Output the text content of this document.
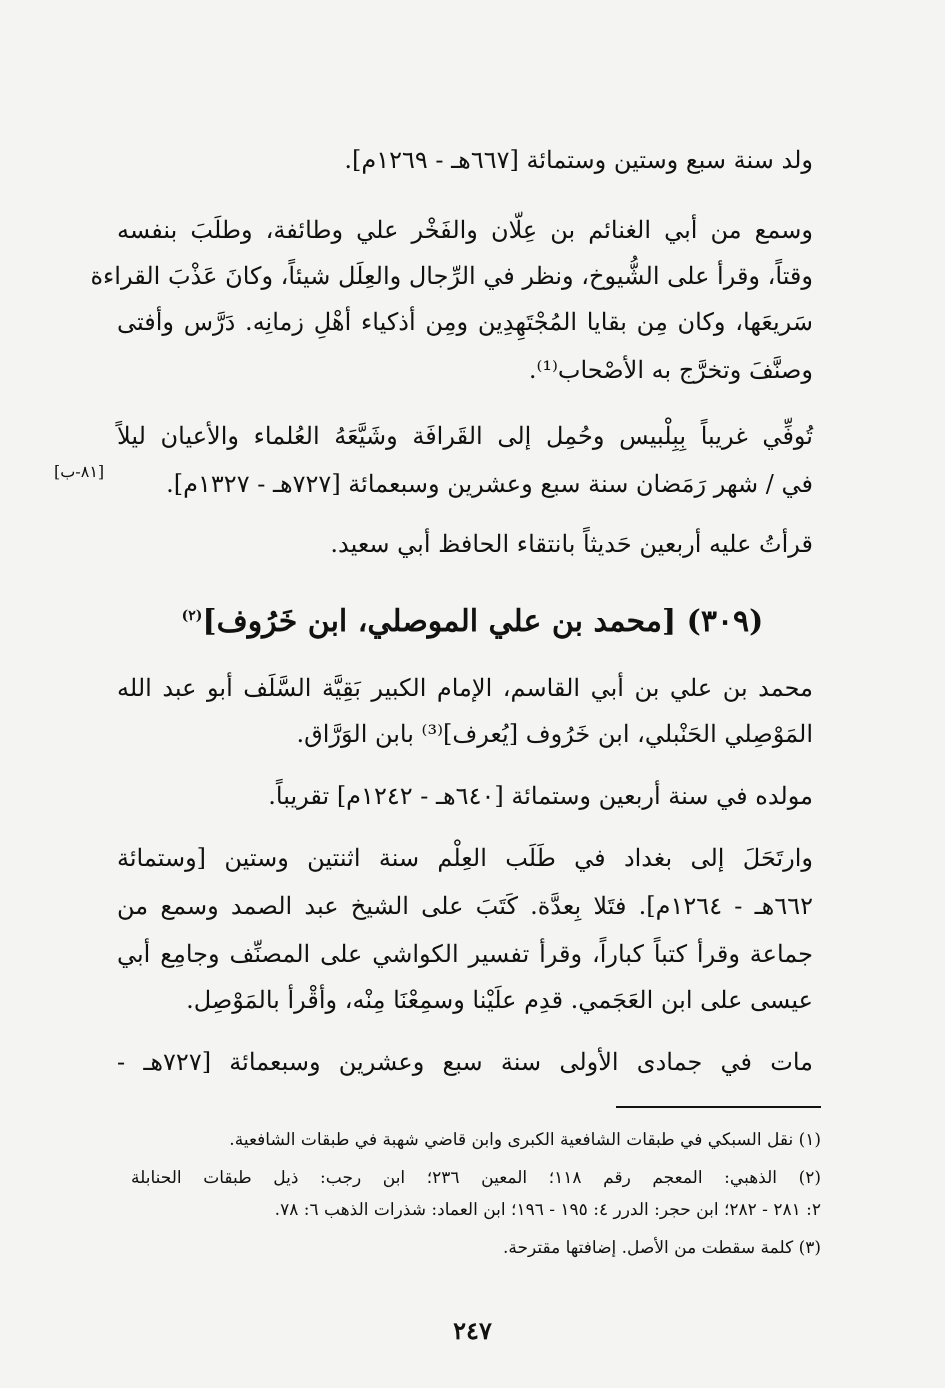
ولد سنة سبع وستين وستمائة [٦٦٧هـ - ١٢٦٩م].
وسمع من أبي الغنائم بن عِلّان والفَخْر علي وطائفة، وطلَبَ بنفسه
وقتاً، وقرأ على الشُّيوخ، ونظر في الرِّجال والعِلَل شيئاً، وكانَ عَذْبَ القراءة
سَريعَها، وكان مِن بقايا المُجْتَهِدِين ومِن أذكياء أهْلِ زمانِه. دَرَّس وأفتى
وصنَّفَ وتخرَّج به الأصْحاب⁽¹⁾.
تُوفِّي غريباً بِبِلْبيس وحُمِل إلى القَرافَة وشَيَّعَهُ العُلماء والأعيان ليلاً
في / شهر رَمَضان سنة سبع وعشرين وسبعمائة [٧٢٧هـ - ١٣٢٧م].
[٨١-ب]
قرأتُ عليه أربعين حَديثاً بانتقاء الحافظ أبي سعيد.
(٣٠٩) [محمد بن علي الموصلي، ابن خَرُوف]$^{(٢)}$
محمد بن علي بن أبي القاسم، الإمام الكبير بَقِيَّة السَّلَف أبو عبد الله
المَوْصِلي الحَنْبلي، ابن خَرُوف [يُعرف]⁽³⁾ بابن الوَرَّاق.
مولده في سنة أربعين وستمائة [٦٤٠هـ - ١٢٤٢م] تقريباً.
وارتَحَلَ إلى بغداد في طَلَب العِلْم سنة اثنتين وستين [وستمائة
٦٦٢هـ - ١٢٦٤م]. فتَلا بِعدَّة. كَتَبَ على الشيخ عبد الصمد وسمع من
جماعة وقرأ كتباً كباراً، وقرأ تفسير الكواشي على المصنِّف وجامِع أبي
عيسى على ابن العَجَمي. قدِم علَيْنا وسمِعْنَا مِنْه، وأقْرأ بالمَوْصِل.
مات في جمادى الأولى سنة سبع وعشرين وسبعمائة [٧٢٧هـ -
(١) نقل السبكي في طبقات الشافعية الكبرى وابن قاضي شهبة في طبقات الشافعية.
(٢) الذهبي: المعجم رقم ١١٨؛ المعين ٢٣٦؛ ابن رجب: ذيل طبقات الحنابلة
٢: ٢٨١ - ٢٨٢؛ ابن حجر: الدرر ٤: ١٩٥ - ١٩٦؛ ابن العماد: شذرات الذهب ٦: ٧٨.
(٣) كلمة سقطت من الأصل. إضافتها مقترحة.
٢٤٧
